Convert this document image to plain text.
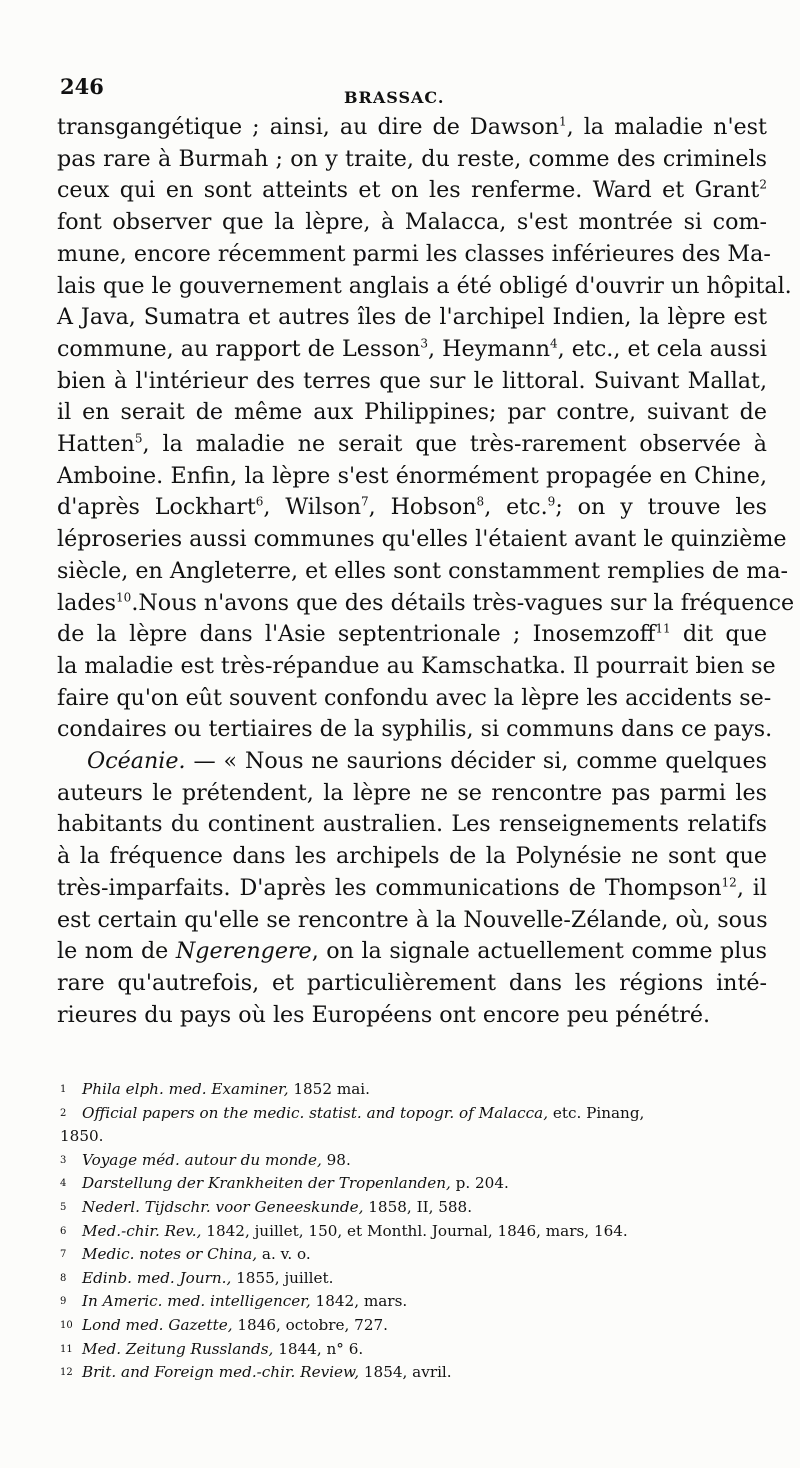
246	BRASSAC.
transgangétique ; ainsi, au dire de Dawson$^1$, la maladie n'est
pas rare à Burmah ; on y traite, du reste, comme des criminels
ceux qui en sont atteints et on les renferme. Ward et Grant$^2$
font observer que la lèpre, à Malacca, s'est montrée si com-
mune, encore récemment parmi les classes inférieures des Ma-
lais que le gouvernement anglais a été obligé d'ouvrir un hôpital.
A Java, Sumatra et autres îles de l'archipel Indien, la lèpre est
commune, au rapport de Lesson$^3$, Heymann$^4$, etc., et cela aussi
bien à l'intérieur des terres que sur le littoral. Suivant Mallat,
il en serait de même aux Philippines; par contre, suivant de
Hatten$^5$, la maladie ne serait que très-rarement observée à
Amboine. Enfin, la lèpre s'est énormément propagée en Chine,
d'après Lockhart$^6$, Wilson$^7$, Hobson$^8$, etc.$^9$; on y trouve les
léproseries aussi communes qu'elles l'étaient avant le quinzième
siècle, en Angleterre, et elles sont constamment remplies de ma-
lades$^{10}$.Nous n'avons que des détails très-vagues sur la fréquence
de la lèpre dans l'Asie septentrionale ; Inosemzoff$^{11}$ dit que
la maladie est très-répandue au Kamschatka. Il pourrait bien se
faire qu'on eût souvent confondu avec la lèpre les accidents se-
condaires ou tertiaires de la syphilis, si communs dans ce pays.
Océanie. — « Nous ne saurions décider si, comme quelques
auteurs le prétendent, la lèpre ne se rencontre pas parmi les
habitants du continent australien. Les renseignements relatifs
à la fréquence dans les archipels de la Polynésie ne sont que
très-imparfaits. D'après les communications de Thompson$^{12}$, il
est certain qu'elle se rencontre à la Nouvelle-Zélande, où, sous
le nom de Ngerengere, on la signale actuellement comme plus
rare qu'autrefois, et particulièrement dans les régions inté-
rieures du pays où les Européens ont encore peu pénétré.
1 Phila elph. med. Examiner, 1852 mai.
2 Official papers on the medic. statist. and topogr. of Malacca, etc. Pinang,
1850.
3 Voyage méd. autour du monde, 98.
4 Darstellung der Krankheiten der Tropenlanden, p. 204.
5 Nederl. Tijdschr. voor Geneeskunde, 1858, II, 588.
6 Med.-chir. Rev., 1842, juillet, 150, et Monthl. Journal, 1846, mars, 164.
7 Medic. notes or China, a. v. o.
8 Edinb. med. Journ., 1855, juillet.
9 In Americ. med. intelligencer, 1842, mars.
10 Lond med. Gazette, 1846, octobre, 727.
11 Med. Zeitung Russlands, 1844, n° 6.
12 Brit. and Foreign med.-chir. Review, 1854, avril.
